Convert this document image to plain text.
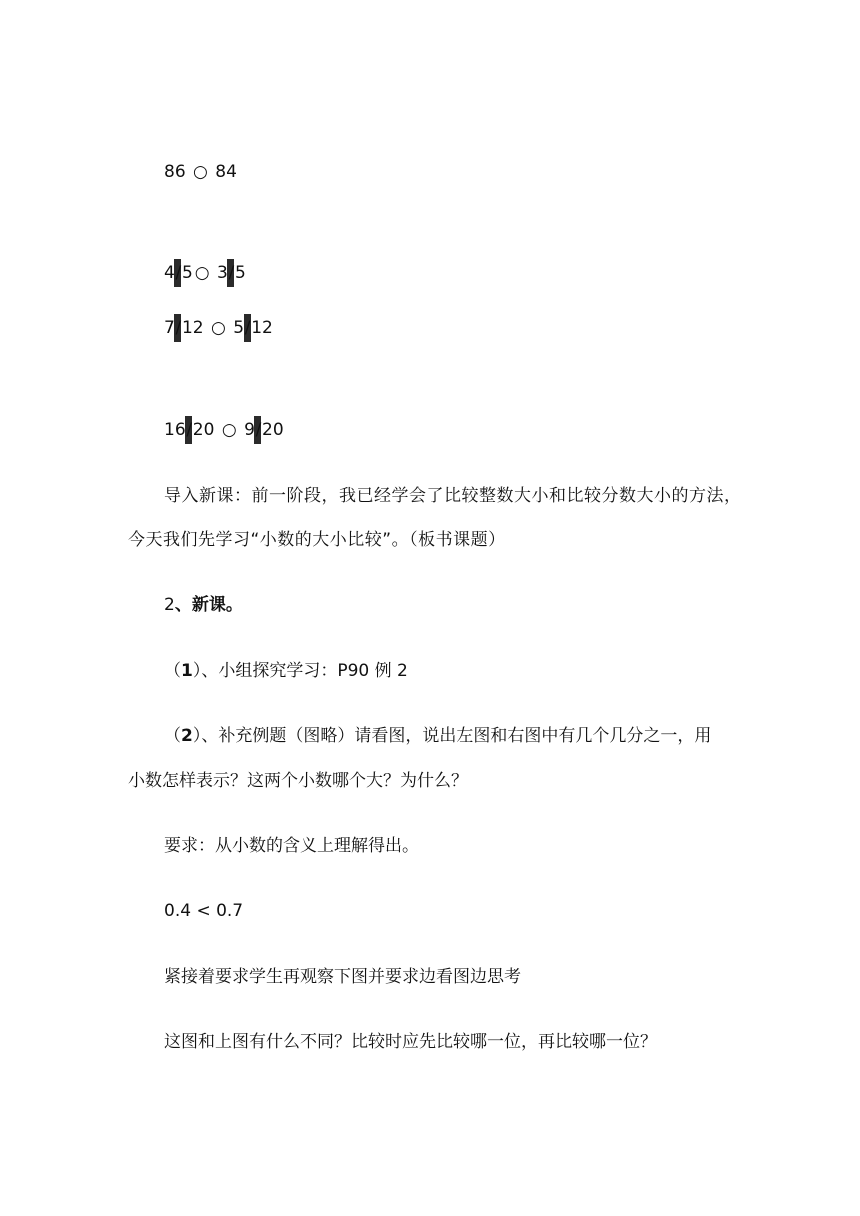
86 ○ 84
4
/5 ○ 3
/5
7
/12 ○ 5
/12
16
/20 ○ 9
/20
导入新课：前一阶段，我已经学会了比较整数大小和比较分数大小的方法，
今天我们先学习“小数的大小比较”。（板书课题）
2、新课。
（1）、小组探究学习：P90 例 2
（2）、补充例题（图略）请看图，说出左图和右图中有几个几分之一，用
小数怎样表示？这两个小数哪个大？为什么？
要求：从小数的含义上理解得出。
0.4 < 0.7
紧接着要求学生再观察下图并要求边看图边思考
这图和上图有什么不同？比较时应先比较哪一位，再比较哪一位？
